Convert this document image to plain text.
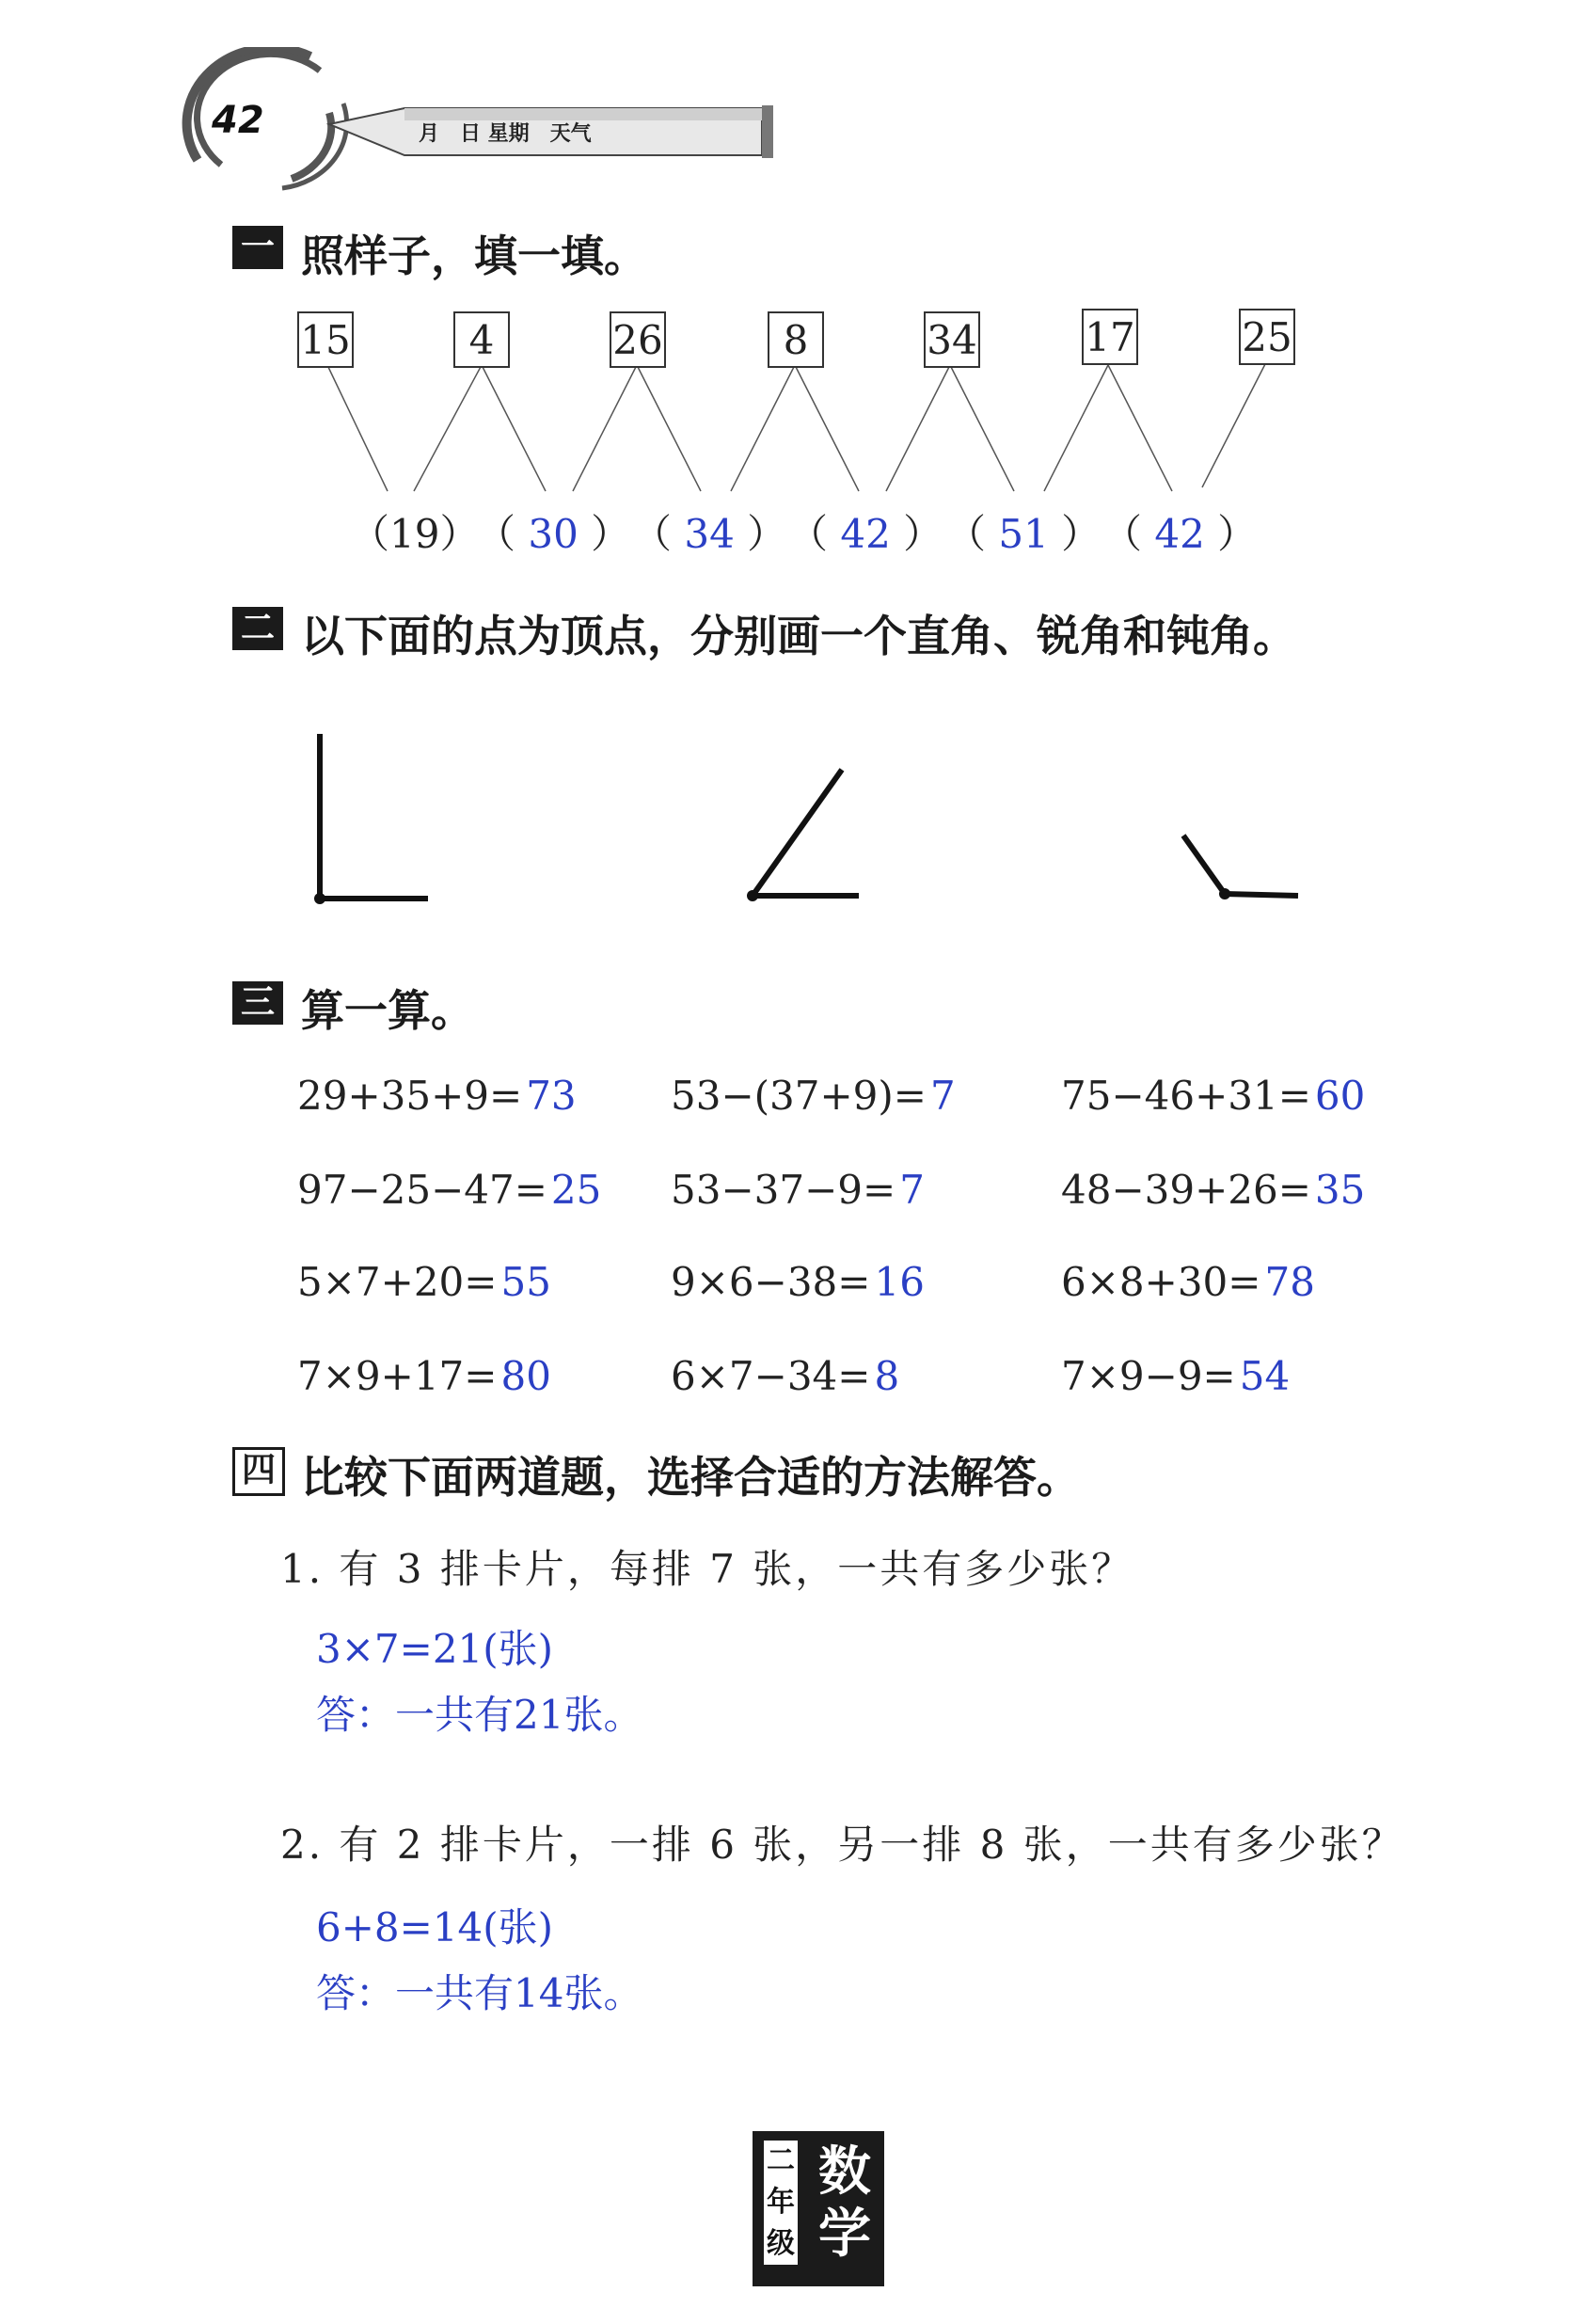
42	月　日 星期　天气
一 照样子，填一填。
15	4	26	8	34	17	25
（19）
（ 30 ） （ 34 ） （ 42 ） （ 51 ） （ 42 ）
二 以下面的点为顶点，分别画一个直角、锐角和钝角。
三 算一算。
29+35+9=73 53−(37+9)=7	75−46+31=60
97−25−47=25 53−37−9=7	48−39+26=35
5×7+20=55	9×6−38=16	6×8+30=78
7×9+17=80	6×7−34=8	7×9−9=54
四 比较下面两道题，选择合适的方法解答。
1. 有 3 排卡片，每排 7 张，一共有多少张？
3×7=21(张)
答：一共有21张。
2. 有 2 排卡片，一排 6 张，另一排 8 张，一共有多少张？
6+8=14(张)
答：一共有14张。
二年级
数学
